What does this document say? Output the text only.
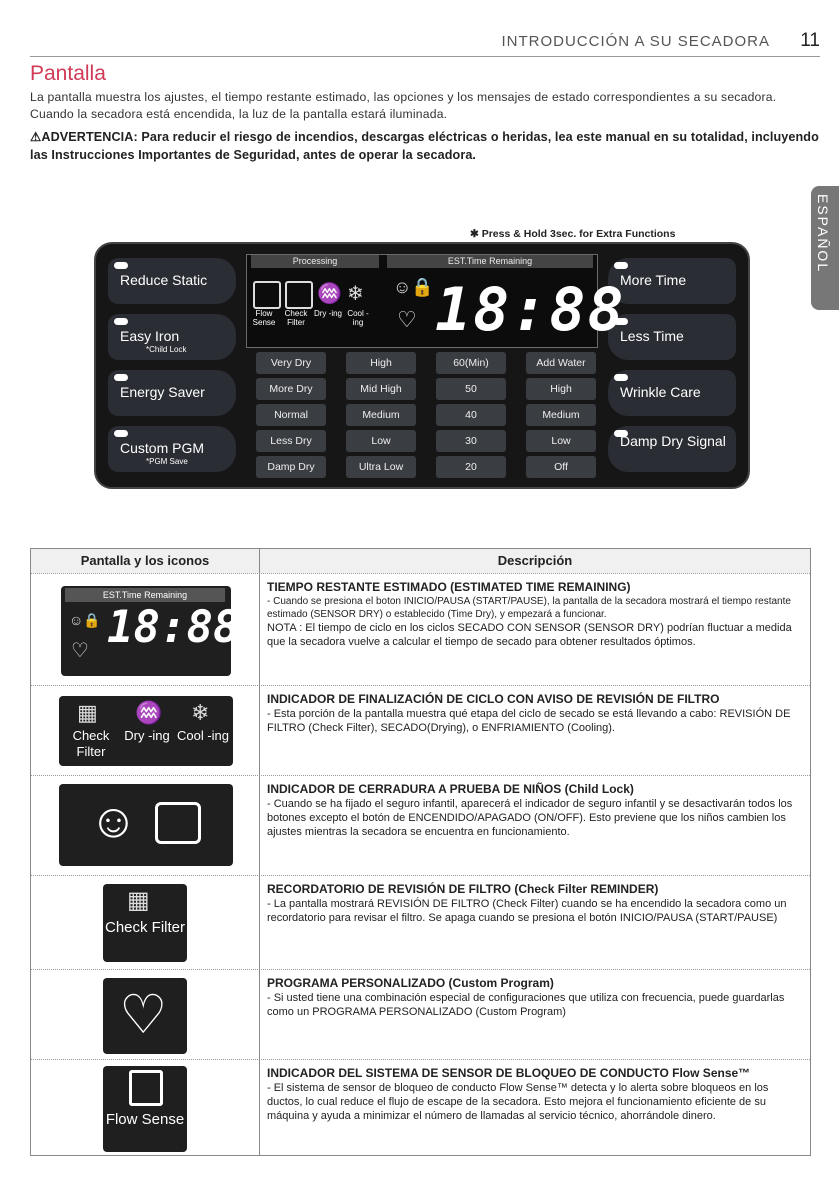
INTRODUCCIÓN A SU SECADORA 11
Pantalla
La pantalla muestra los ajustes, el tiempo restante estimado, las opciones y los mensajes de estado correspondientes a su secadora. Cuando la secadora está encendida, la luz de la pantalla estará iluminada.
⚠ADVERTENCIA: Para reducir el riesgo de incendios, descargas eléctricas o heridas, lea este manual en su totalidad, incluyendo las Instrucciones Importantes de Seguridad, antes de operar la secadora.
ESPAÑOL
✱ Press & Hold 3sec. for Extra Functions
Reduce Static
Easy Iron
*Child Lock
Energy Saver
Custom PGM
*PGM Save
More Time
Less Time
Wrinkle Care
Damp Dry Signal
Processing	EST.Time Remaining
♒ ❄
Flow Sense
Check Filter
Dry -ing Cool -ing
☺🔒
♡ 18:88
Very Dry	High	60(Min)	Add Water
More Dry	Mid High	50	High
Normal	Medium	40	Medium
Less Dry	Low	30	Low
Damp Dry	Ultra Low	20	Off
Pantalla y los iconos	Descripción
EST.Time Remaining
18:88
☺🔒
♡
TIEMPO RESTANTE ESTIMADO (ESTIMATED TIME REMAINING)
- Cuando se presiona el boton INICIO/PAUSA (START/PAUSE), la pantalla de la secadora mostrará el tiempo restante estimado (SENSOR DRY) o establecido (Time Dry), y empezará a funcionar.
NOTA : El tiempo de ciclo en los ciclos SECADO CON SENSOR (SENSOR DRY) podrían fluctuar a medida que la secadora vuelve a calcular el tiempo de secado para obtener resultados óptimos.
Check Filter
Dry -ing Cool -ing
▦ ♒ ❄
INDICADOR DE FINALIZACIÓN DE CICLO CON AVISO DE REVISIÓN DE FILTRO
- Esta porción de la pantalla muestra qué etapa del ciclo de secado se está llevando a cabo: REVISIÓN DE FILTRO (Check Filter), SECADO(Drying), o ENFRIAMIENTO (Cooling).
☺
INDICADOR DE CERRADURA A PRUEBA DE NIÑOS (Child Lock)
- Cuando se ha fijado el seguro infantil, aparecerá el indicador de seguro infantil y se desactivarán todos los botones excepto el botón de ENCENDIDO/APAGADO (ON/OFF). Esto previene que los niños cambien los ajustes mientras la secadora se encuentra en funcionamiento.
▦
Check Filter
RECORDATORIO DE REVISIÓN DE FILTRO (Check Filter REMINDER)
- La pantalla mostrará REVISIÓN DE FILTRO (Check Filter) cuando se ha encendido la secadora como un recordatorio para revisar el filtro. Se apaga cuando se presiona el botón INICIO/PAUSA (START/PAUSE)
♡
PROGRAMA PERSONALIZADO (Custom Program)
- Si usted tiene una combinación especial de configuraciones que utiliza con frecuencia, puede guardarlas como un PROGRAMA PERSONALIZADO (Custom Program)
Flow Sense
INDICADOR DEL SISTEMA DE SENSOR DE BLOQUEO DE CONDUCTO Flow Sense™
- El sistema de sensor de bloqueo de conducto Flow Sense™ detecta y lo alerta sobre bloqueos en los ductos, lo cual reduce el flujo de escape de la secadora. Esto mejora el funcionamiento eficiente de su máquina y ayuda a minimizar el número de llamadas al servicio técnico, ahorrándole dinero.
